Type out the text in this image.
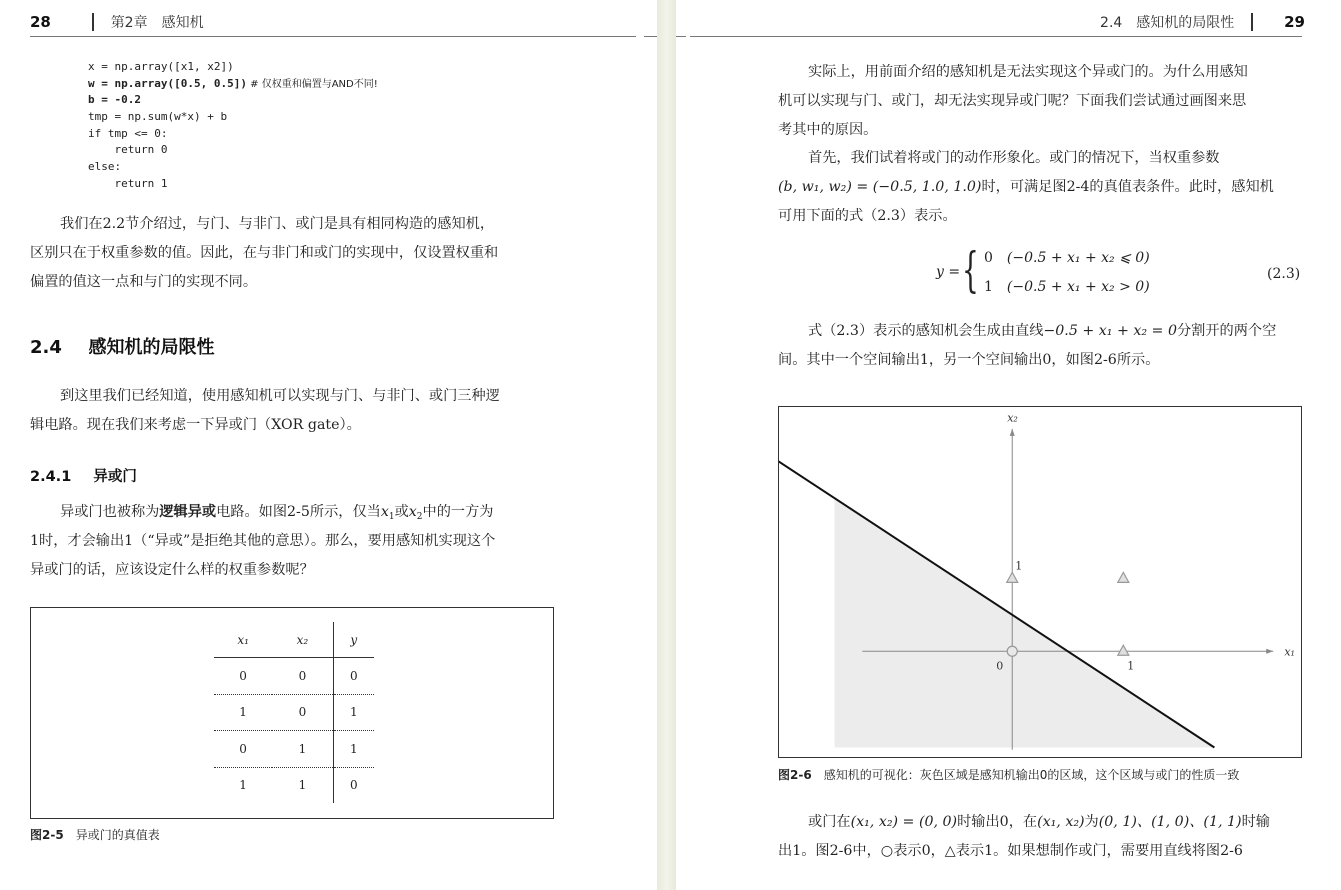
28	第2章　感知机
x = np.array([x1, x2])
w = np.array([0.5, 0.5]) # 仅权重和偏置与AND不同!
b = -0.2
tmp = np.sum(w*x) + b
if tmp <= 0:
return 0
else:
return 1
我们在2.2节介绍过，与门、与非门、或门是具有相同构造的感知机，
区别只在于权重参数的值。因此，在与非门和或门的实现中，仅设置权重和
偏置的值这一点和与门的实现不同。
2.4 感知机的局限性
到这里我们已经知道，使用感知机可以实现与门、与非门、或门三种逻
辑电路。现在我们来考虑一下异或门（XOR gate）。
2.4.1 异或门
异或门也被称为逻辑异或电路。如图2-5所示，仅当$x_1$或$x_2$中的一方为
1时，才会输出1（“异或”是拒绝其他的意思）。那么，要用感知机实现这个
异或门的话，应该设定什么样的权重参数呢？
x₁	x₂	y
0	0	0
1	0	1
0	1	1
1	1	0
图2-5 异或门的真值表
2.4　感知机的局限性	29
实际上，用前面介绍的感知机是无法实现这个异或门的。为什么用感知
机可以实现与门、或门，却无法实现异或门呢？下面我们尝试通过画图来思
考其中的原因。
首先，我们试着将或门的动作形象化。或门的情况下，当权重参数
(b, w₁, w₂) = (−0.5, 1.0, 1.0)时，可满足图2-4的真值表条件。此时，感知机
可用下面的式（2.3）表示。
y = { 0 (−0.5 + x₁ + x₂ ⩽ 0)
1 (−0.5 + x₁ + x₂ > 0)
(2.3)
式（2.3）表示的感知机会生成由直线−0.5 + x₁ + x₂ = 0分割开的两个空
间。其中一个空间输出1，另一个空间输出0，如图2-6所示。
x₁
x₂
0	1
1
图2-6 感知机的可视化：灰色区域是感知机输出0的区域，这个区域与或门的性质一致
或门在(x₁, x₂) = (0, 0)时输出0，在(x₁, x₂)为(0, 1)、(1, 0)、(1, 1)时输
出1。图2-6中，○表示0，△表示1。如果想制作或门，需要用直线将图2-6
